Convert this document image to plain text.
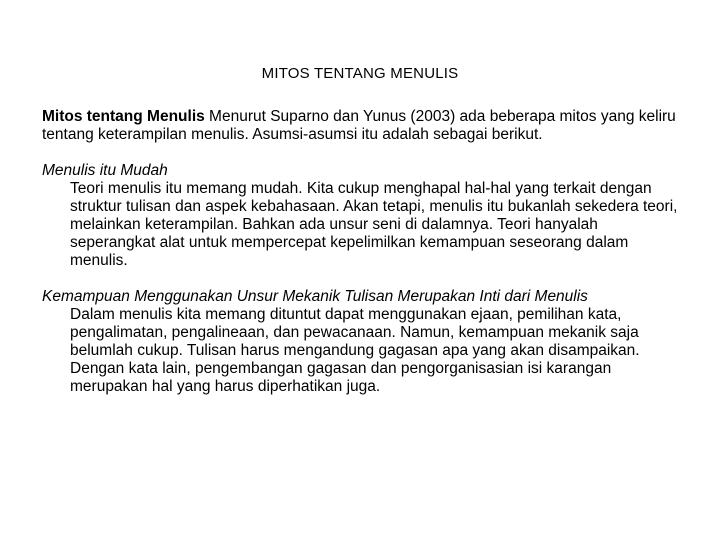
MITOS TENTANG MENULIS

Mitos tentang Menulis Menurut Suparno dan Yunus (2003) ada beberapa mitos yang keliru tentang keterampilan menulis. Asumsi-asumsi itu adalah sebagai berikut.

Menulis itu Mudah
Teori menulis itu memang mudah. Kita cukup menghapal hal-hal yang terkait dengan struktur tulisan dan aspek kebahasaan. Akan tetapi, menulis itu bukanlah sekedera teori, melainkan keterampilan. Bahkan ada unsur seni di dalamnya. Teori hanyalah seperangkat alat untuk mempercepat kepelimilkan kemampuan seseorang dalam menulis.
Kemampuan Menggunakan Unsur Mekanik Tulisan Merupakan Inti dari Menulis
Dalam menulis kita memang dituntut dapat menggunakan ejaan, pemilihan kata, pengalimatan, pengalineaan, dan pewacanaan. Namun, kemampuan mekanik saja belumlah cukup. Tulisan harus mengandung gagasan apa yang akan disampaikan. Dengan kata lain, pengembangan gagasan dan pengorganisasian isi karangan merupakan hal yang harus diperhatikan juga.
